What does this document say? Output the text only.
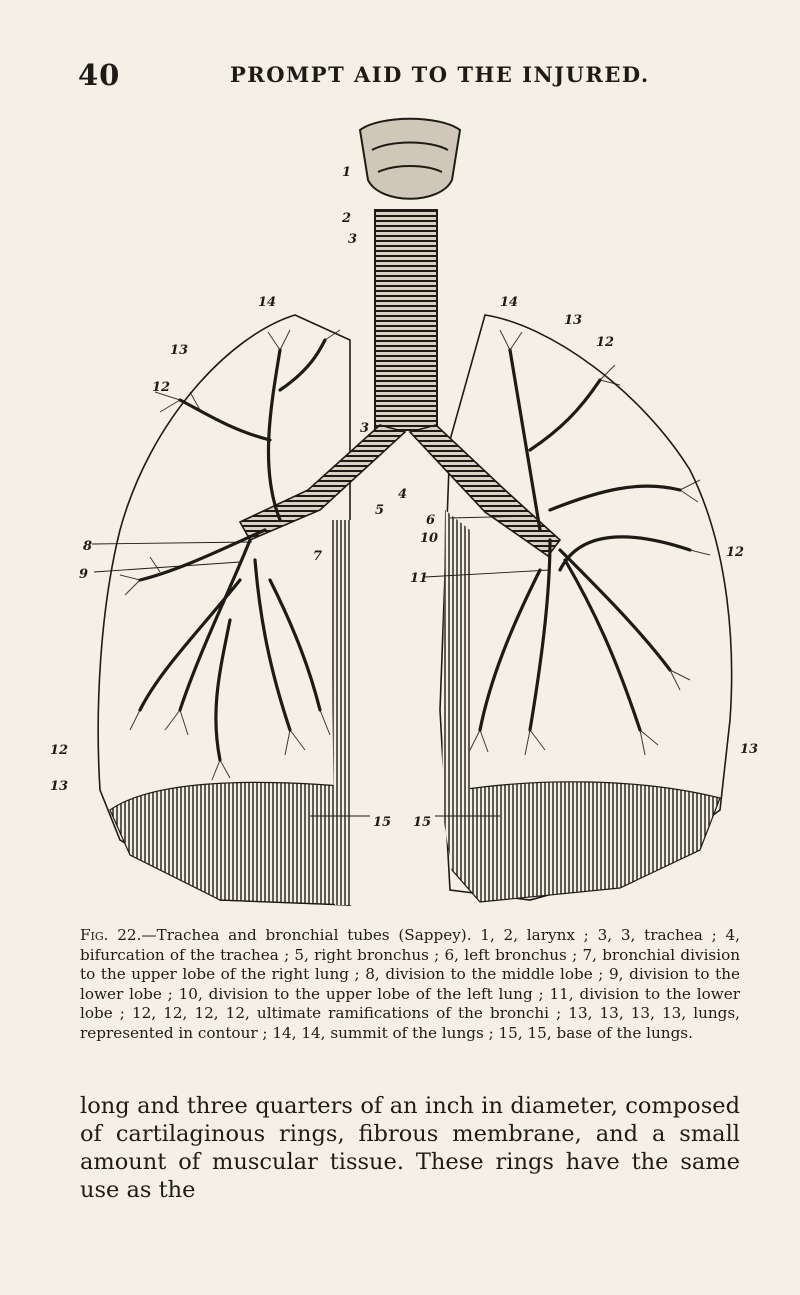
40	PROMPT AID TO THE INJURED.
1
2
3
3
4
5
6
7
8
9
10
11
12
12
12
12
13
13
13
13
14	14
15 15
Fig. 22.—Trachea and bronchial tubes (Sappey). 1, 2, larynx ; 3, 3, trachea ; 4, bifurcation of the trachea ; 5, right bronchus ; 6, left bronchus ; 7, bronchial division to the upper lobe of the right lung ; 8, division to the middle lobe ; 9, division to the lower lobe ; 10, division to the upper lobe of the left lung ; 11, division to the lower lobe ; 12, 12, 12, 12, ultimate ramifications of the bronchi ; 13, 13, 13, 13, lungs, represented in contour ; 14, 14, summit of the lungs ; 15, 15, base of the lungs.
long and three quarters of an inch in diameter, composed of cartilaginous rings, fibrous membrane, and a small amount of muscular tissue. These rings have the same use as the
